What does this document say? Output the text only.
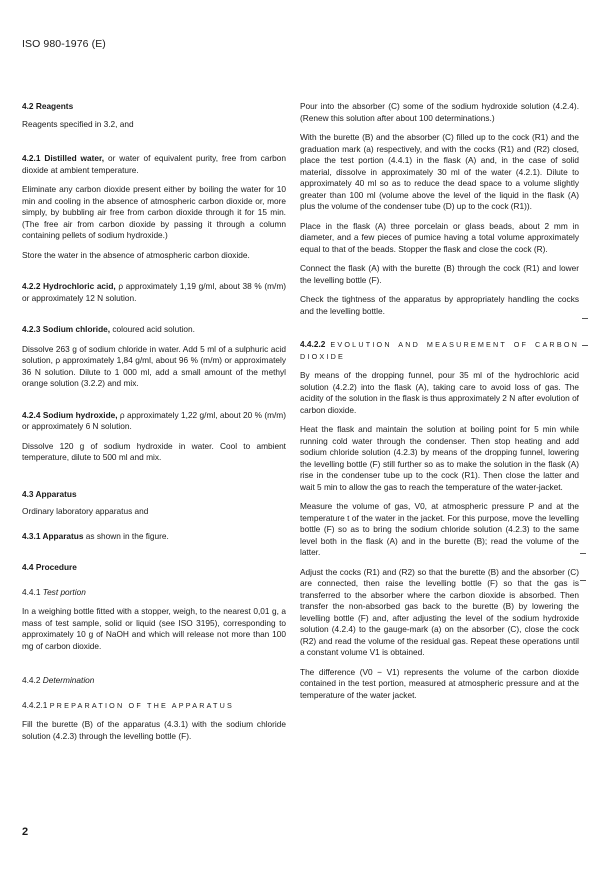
ISO 980-1976 (E)

4.2 Reagents

Reagents specified in 3.2, and

4.2.1 Distilled water, or water of equivalent purity, free from carbon dioxide at ambient temperature.

Eliminate any carbon dioxide present either by boiling the water for 10 min and cooling in the absence of atmospheric carbon dioxide or, more simply, by bubbling air free from carbon dioxide through it for 15 min. (The free air from carbon dioxide by passing it through a column containing pellets of sodium hydroxide.)

Store the water in the absence of atmospheric carbon dioxide.

4.2.2 Hydrochloric acid, ρ approximately 1,19 g/ml, about 38 % (m/m) or approximately 12 N solution.

4.2.3 Sodium chloride, coloured acid solution.

Dissolve 263 g of sodium chloride in water. Add 5 ml of a sulphuric acid solution, ρ approximately 1,84 g/ml, about 96 % (m/m) or approximately 36 N solution. Dilute to 1 000 ml, add a small amount of the methyl orange solution (3.2.2) and mix.

4.2.4 Sodium hydroxide, ρ approximately 1,22 g/ml, about 20 % (m/m) or approximately 6 N solution.

Dissolve 120 g of sodium hydroxide in water. Cool to ambient temperature, dilute to 500 ml and mix.

4.3 Apparatus

Ordinary laboratory apparatus and

4.3.1 Apparatus as shown in the figure.

4.4 Procedure

4.4.1 Test portion

In a weighing bottle fitted with a stopper, weigh, to the nearest 0,01 g, a mass of test sample, solid or liquid (see ISO 3195), corresponding to approximately 10 g of NaOH and which will release not more than 100 mg of carbon dioxide.

4.4.2 Determination

4.4.2.1 PREPARATION OF THE APPARATUS

Fill the burette (B) of the apparatus (4.3.1) with the sodium chloride solution (4.2.3) through the levelling bottle (F).

Pour into the absorber (C) some of the sodium hydroxide solution (4.2.4). (Renew this solution after about 100 determinations.)

With the burette (B) and the absorber (C) filled up to the cock (R1) and the graduation mark (a) respectively, and with the cocks (R1) and (R2) closed, place the test portion (4.4.1) in the flask (A) and, in the case of solid material, dissolve in approximately 30 ml of the water (4.2.1). Dilute to approximately 40 ml so as to reduce the dead space to a volume slightly greater than 100 ml (volume above the level of the liquid in the flask (A) plus the volume of the condenser tube (D) up to the cock (R1)).

Place in the flask (A) three porcelain or glass beads, about 2 mm in diameter, and a few pieces of pumice having a total volume approximately equal to that of the beads. Stopper the flask and close the cock (R).

Connect the flask (A) with the burette (B) through the cock (R1) and lower the levelling bottle (F).

Check the tightness of the apparatus by appropriately handling the cocks and the levelling bottle.

4.4.2.2 EVOLUTION AND MEASUREMENT OF CARBON DIOXIDE

By means of the dropping funnel, pour 35 ml of the hydrochloric acid solution (4.2.2) into the flask (A), taking care to avoid loss of gas. The acidity of the solution in the flask is thus approximately 2 N after evolution of carbon dioxide.

Heat the flask and maintain the solution at boiling point for 5 min while running cold water through the condenser. Then stop heating and add sodium chloride solution (4.2.3) by means of the dropping funnel, lowering the levelling bottle (F) still further so as to make the solution in the flask (A) rise in the condenser tube up to the cock (R1). Then close the latter and wait 5 min to allow the gas to reach the temperature of the water-jacket.

Measure the volume of gas, V0, at atmospheric pressure P and at the temperature t of the water in the jacket. For this purpose, move the levelling bottle (F) so as to bring the sodium chloride solution (4.2.3) to the same level both in the flask (A) and in the burette (B); read the volume of the latter.

Adjust the cocks (R1) and (R2) so that the burette (B) and the absorber (C) are connected, then raise the levelling bottle (F) so that the gas is transferred to the absorber where the carbon dioxide is absorbed. Then transfer the non-absorbed gas back to the burette (B) by lowering the levelling bottle (F) and, after adjusting the level of the sodium hydroxide solution (4.2.4) to the gauge-mark (a) on the absorber (C), close the cock (R2) and read the volume of the residual gas. Repeat these operations until a constant volume V1 is obtained.

The difference (V0 − V1) represents the volume of the carbon dioxide contained in the test portion, measured at atmospheric pressure and at the temperature of the water jacket.

2
